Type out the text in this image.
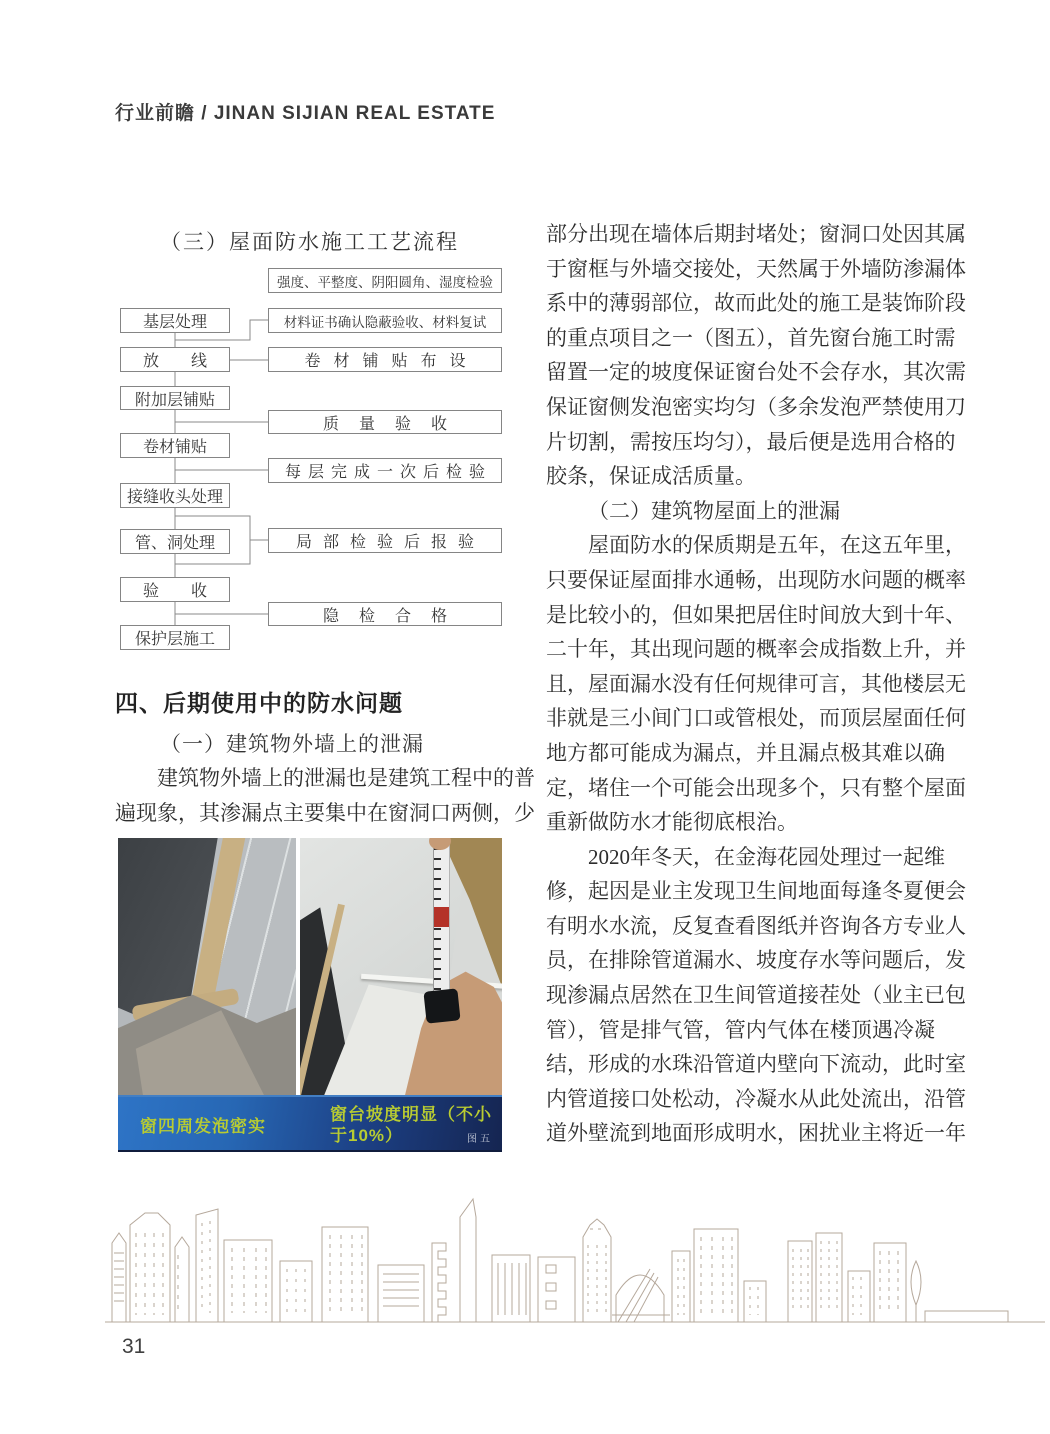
行业前瞻 / JINAN SIJIAN REAL ESTATE
（三）屋面防水施工工艺流程
基层处理
放　　线
附加层铺贴
卷材铺贴
接缝收头处理
管、洞处理
验　　收
保护层施工
强度、平整度、阴阳圆角、湿度检验
材料证书确认隐蔽验收、材料复试
卷材铺贴布设
质量验收
每层完成一次后检验
局部检验后报验
隐检合格
四、后期使用中的防水问题
（一）建筑物外墙上的泄漏
建筑物外墙上的泄漏也是建筑工程中的普
遍现象，其渗漏点主要集中在窗洞口两侧，少
窗四周发泡密实
窗台坡度明显（不小于10%）	图五
部分出现在墙体后期封堵处；窗洞口处因其属
于窗框与外墙交接处，天然属于外墙防渗漏体
系中的薄弱部位，故而此处的施工是装饰阶段
的重点项目之一（图五），首先窗台施工时需
留置一定的坡度保证窗台处不会存水，其次需
保证窗侧发泡密实均匀（多余发泡严禁使用刀
片切割，需按压均匀），最后便是选用合格的
胶条，保证成活质量。
（二）建筑物屋面上的泄漏
屋面防水的保质期是五年，在这五年里，
只要保证屋面排水通畅，出现防水问题的概率
是比较小的，但如果把居住时间放大到十年、
二十年，其出现问题的概率会成指数上升，并
且，屋面漏水没有任何规律可言，其他楼层无
非就是三小间门口或管根处，而顶层屋面任何
地方都可能成为漏点，并且漏点极其难以确
定，堵住一个可能会出现多个，只有整个屋面
重新做防水才能彻底根治。
2020年冬天，在金海花园处理过一起维
修，起因是业主发现卫生间地面每逢冬夏便会
有明水水流，反复查看图纸并咨询各方专业人
员，在排除管道漏水、坡度存水等问题后，发
现渗漏点居然在卫生间管道接茬处（业主已包
管），管是排气管，管内气体在楼顶遇冷凝
结，形成的水珠沿管道内壁向下流动，此时室
内管道接口处松动，冷凝水从此处流出，沿管
道外壁流到地面形成明水，困扰业主将近一年
31
